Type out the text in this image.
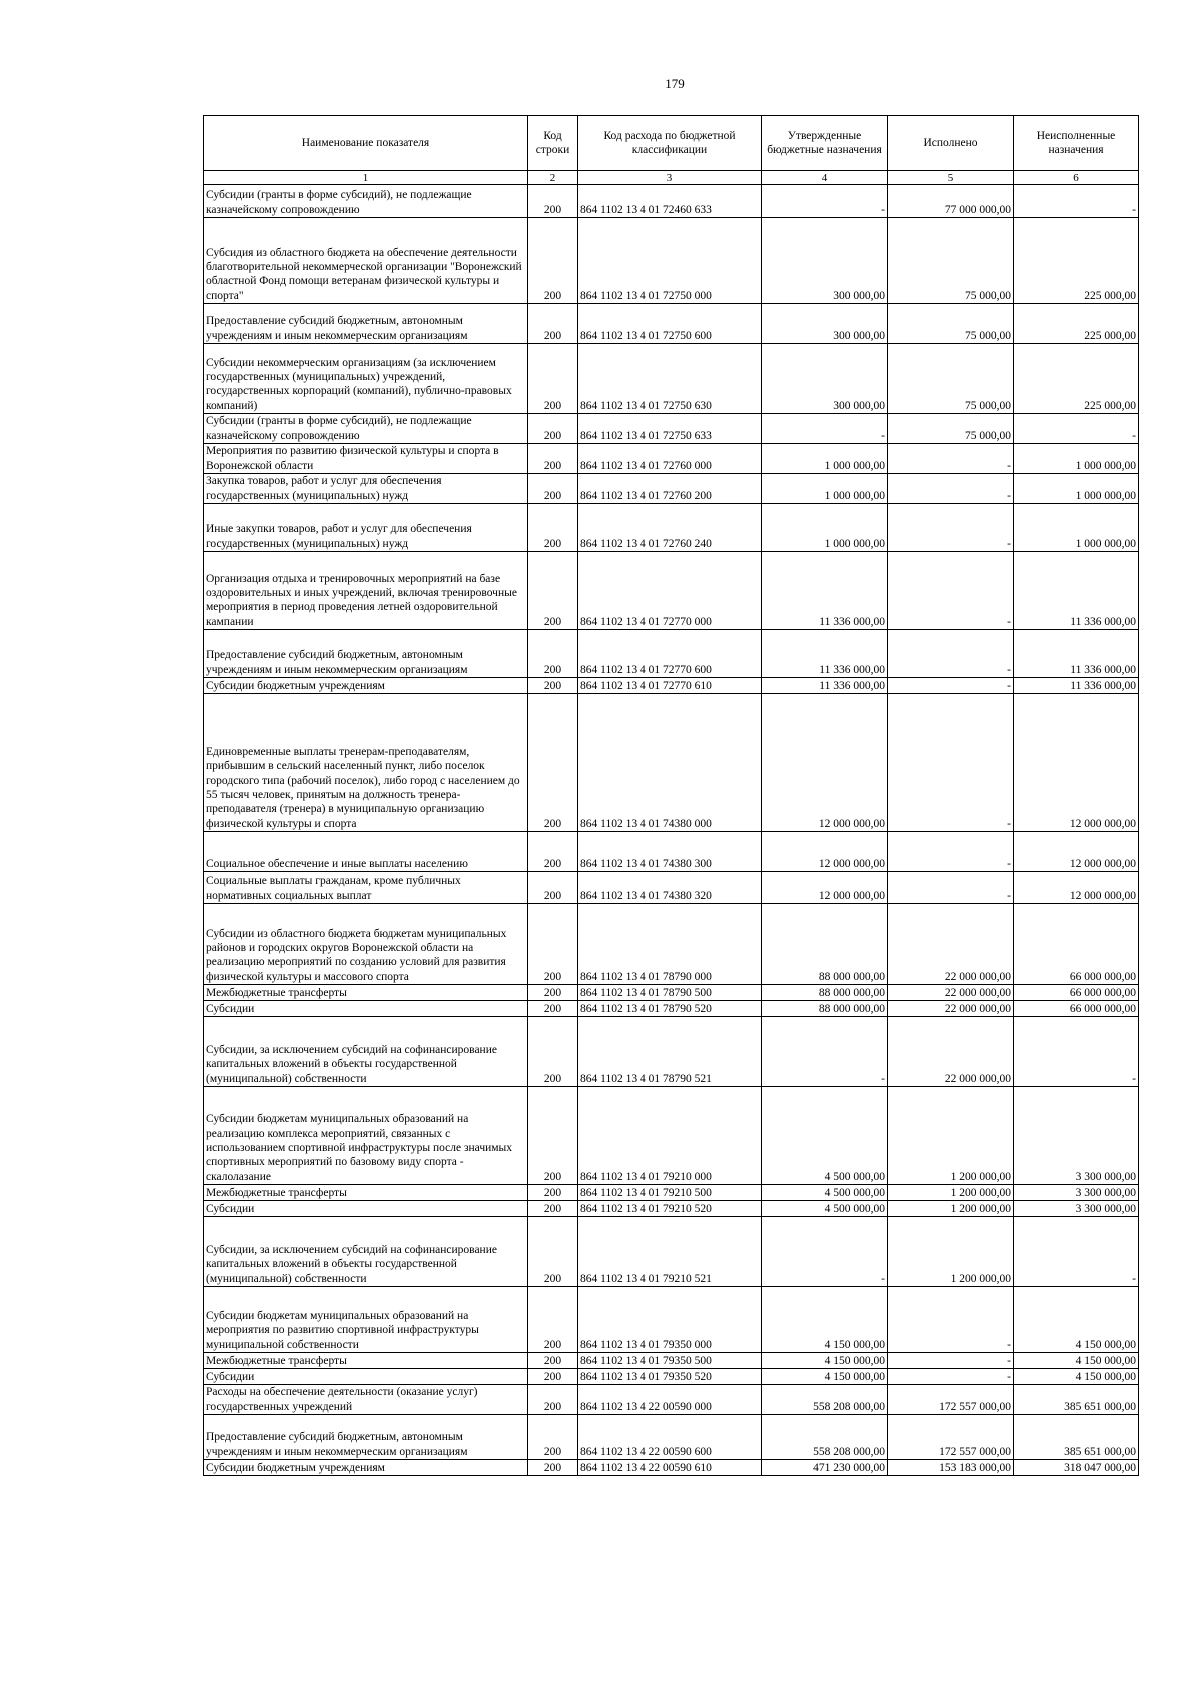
179
Наименование показателя	Код строки	Код расхода по бюджетной классификации	Утвержденные бюджетные назначения	Исполнено	Неисполненные назначения
1	2	3	4	5	6

Субсидии (гранты в форме субсидий), не подлежащие казначейскому сопровождению	200	864 1102 13 4 01 72460 633	-	77 000 000,00	-

Субсидия из областного бюджета на обеспечение деятельности благотворительной некоммерческой организации "Воронежский областной Фонд помощи ветеранам физической культуры и спорта"	200	864 1102 13 4 01 72750 000	300 000,00	75 000,00	225 000,00

Предоставление субсидий бюджетным, автономным учреждениям и иным некоммерческим организациям	200	864 1102 13 4 01 72750 600	300 000,00	75 000,00	225 000,00

Субсидии некоммерческим организациям (за исключением государственных (муниципальных) учреждений, государственных корпораций (компаний), публично-правовых компаний)	200	864 1102 13 4 01 72750 630	300 000,00	75 000,00	225 000,00

Субсидии (гранты в форме субсидий), не подлежащие казначейскому сопровождению	200	864 1102 13 4 01 72750 633	-	75 000,00	-

Мероприятия по развитию физической культуры и спорта в Воронежской области	200	864 1102 13 4 01 72760 000	1 000 000,00	-	1 000 000,00

Закупка товаров, работ и услуг для обеспечения государственных (муниципальных) нужд	200	864 1102 13 4 01 72760 200	1 000 000,00	-	1 000 000,00

Иные закупки товаров, работ и услуг для обеспечения государственных (муниципальных) нужд	200	864 1102 13 4 01 72760 240	1 000 000,00	-	1 000 000,00

Организация отдыха и тренировочных мероприятий на базе оздоровительных и иных учреждений, включая тренировочные мероприятия в период проведения летней оздоровительной кампании	200	864 1102 13 4 01 72770 000	11 336 000,00	-	11 336 000,00

Предоставление субсидий бюджетным, автономным учреждениям и иным некоммерческим организациям	200	864 1102 13 4 01 72770 600	11 336 000,00	-	11 336 000,00

Субсидии бюджетным учреждениям	200	864 1102 13 4 01 72770 610	11 336 000,00	-	11 336 000,00

Единовременные выплаты тренерам-преподавателям, прибывшим в сельский населенный пункт, либо поселок городского типа (рабочий поселок), либо город с населением до 55 тысяч человек, принятым на должность тренера-преподавателя (тренера) в муниципальную организацию физической культуры и спорта	200	864 1102 13 4 01 74380 000	12 000 000,00	-	12 000 000,00

Социальное обеспечение и иные выплаты населению	200	864 1102 13 4 01 74380 300	12 000 000,00	-	12 000 000,00

Социальные выплаты гражданам, кроме публичных нормативных социальных выплат	200	864 1102 13 4 01 74380 320	12 000 000,00	-	12 000 000,00

Субсидии из областного бюджета бюджетам муниципальных районов и городских округов Воронежской области на реализацию мероприятий по созданию условий для развития физической культуры и массового спорта	200	864 1102 13 4 01 78790 000	88 000 000,00	22 000 000,00	66 000 000,00

Межбюджетные трансферты	200	864 1102 13 4 01 78790 500	88 000 000,00	22 000 000,00	66 000 000,00

Субсидии	200	864 1102 13 4 01 78790 520	88 000 000,00	22 000 000,00	66 000 000,00

Субсидии, за исключением субсидий на софинансирование капитальных вложений в объекты государственной (муниципальной) собственности	200	864 1102 13 4 01 78790 521	-	22 000 000,00	-

Субсидии бюджетам муниципальных образований на реализацию комплекса мероприятий, связанных с использованием спортивной инфраструктуры после значимых спортивных мероприятий по базовому виду спорта - скалолазание	200	864 1102 13 4 01 79210 000	4 500 000,00	1 200 000,00	3 300 000,00

Межбюджетные трансферты	200	864 1102 13 4 01 79210 500	4 500 000,00	1 200 000,00	3 300 000,00

Субсидии	200	864 1102 13 4 01 79210 520	4 500 000,00	1 200 000,00	3 300 000,00

Субсидии, за исключением субсидий на софинансирование капитальных вложений в объекты государственной (муниципальной) собственности	200	864 1102 13 4 01 79210 521	-	1 200 000,00	-

Субсидии бюджетам муниципальных образований на мероприятия по развитию спортивной инфраструктуры муниципальной собственности	200	864 1102 13 4 01 79350 000	4 150 000,00	-	4 150 000,00

Межбюджетные трансферты	200	864 1102 13 4 01 79350 500	4 150 000,00	-	4 150 000,00

Субсидии	200	864 1102 13 4 01 79350 520	4 150 000,00	-	4 150 000,00

Расходы на обеспечение деятельности (оказание услуг) государственных учреждений	200	864 1102 13 4 22 00590 000	558 208 000,00	172 557 000,00	385 651 000,00

Предоставление субсидий бюджетным, автономным учреждениям и иным некоммерческим организациям	200	864 1102 13 4 22 00590 600	558 208 000,00	172 557 000,00	385 651 000,00

Субсидии бюджетным учреждениям	200	864 1102 13 4 22 00590 610	471 230 000,00	153 183 000,00	318 047 000,00
